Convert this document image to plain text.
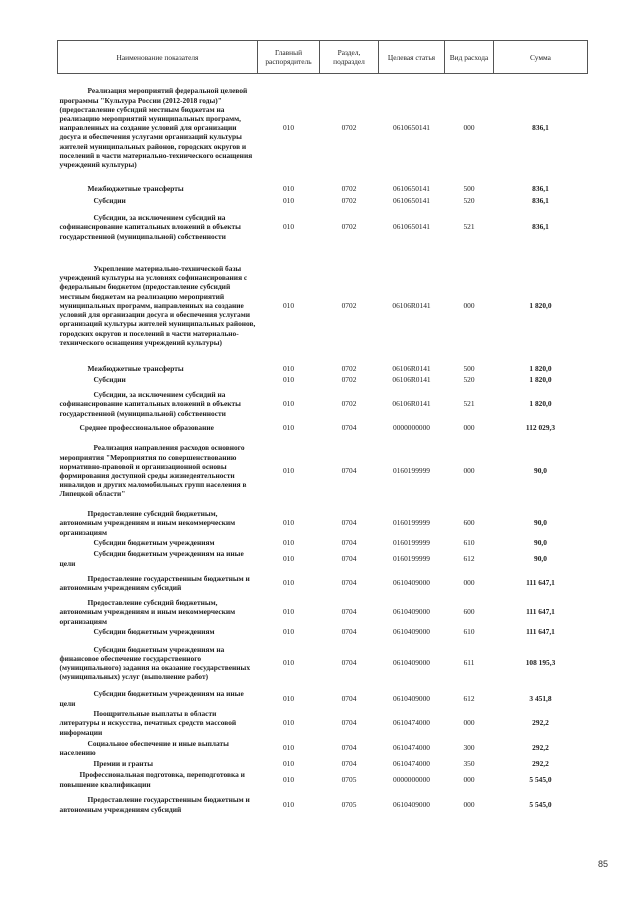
Наименование показателя	Главный распорядитель	Раздел, подраздел	Целевая статья	Вид расхода	Сумма
Реализация мероприятий федеральной целевой программы "Культура России (2012-2018 годы)" (предоставление субсидий местным бюджетам на реализацию мероприятий муниципальных программ, направленных на создание условий для организации досуга и обеспечения услугами организаций культуры жителей муниципальных районов, городских округов и поселений в части материально-технического оснащения учреждений культуры)	010	0702	0610650141	000	836,1
Межбюджетные трансферты	010	0702	0610650141	500	836,1
Субсидии	010	0702	0610650141	520	836,1
Субсидии, за исключением субсидий на софинансирование капитальных вложений в объекты государственной (муниципальной) собственности	010	0702	0610650141	521	836,1
Укрепление материально-технической базы учреждений культуры на условиях софинансирования с федеральным бюджетом (предоставление субсидий местным бюджетам на реализацию мероприятий муниципальных программ, направленных на создание условий для организации досуга и обеспечения услугами организаций культуры жителей муниципальных районов, городских округов и поселений в части материально-технического оснащения учреждений культуры)	010	0702	06106R0141	000	1 820,0
Межбюджетные трансферты	010	0702	06106R0141	500	1 820,0
Субсидии	010	0702	06106R0141	520	1 820,0
Субсидии, за исключением субсидий на софинансирование капитальных вложений в объекты государственной (муниципальной) собственности	010	0702	06106R0141	521	1 820,0
Среднее профессиональное образование	010	0704	0000000000	000	112 029,3
Реализация направления расходов основного мероприятия "Мероприятия по совершенствованию нормативно-правовой и организационной основы формирования доступной среды жизнедеятельности инвалидов и других маломобильных групп населения в Липецкой области"	010	0704	0160199999	000	90,0
Предоставление субсидий бюджетным, автономным учреждениям и иным некоммерческим организациям	010	0704	0160199999	600	90,0
Субсидии бюджетным учреждениям	010	0704	0160199999	610	90,0
Субсидии бюджетным учреждениям на иные цели	010	0704	0160199999	612	90,0
Предоставление государственным бюджетным и автономным учреждениям субсидий	010	0704	0610409000	000	111 647,1
Предоставление субсидий бюджетным, автономным учреждениям и иным некоммерческим организациям	010	0704	0610409000	600	111 647,1
Субсидии бюджетным учреждениям	010	0704	0610409000	610	111 647,1
Субсидии бюджетным учреждениям на финансовое обеспечение государственного (муниципального) задания на оказание государственных (муниципальных) услуг (выполнение работ)	010	0704	0610409000	611	108 195,3
Субсидии бюджетным учреждениям на иные цели	010	0704	0610409000	612	3 451,8
Поощрительные выплаты в области литературы и искусства, печатных средств массовой информации	010	0704	0610474000	000	292,2
Социальное обеспечение и иные выплаты населению	010	0704	0610474000	300	292,2
Премии и гранты	010	0704	0610474000	350	292,2
Профессиональная подготовка, переподготовка и повышение квалификации	010	0705	0000000000	000	5 545,0
Предоставление государственным бюджетным и автономным учреждениям субсидий	010	0705	0610409000	000	5 545,0
85
